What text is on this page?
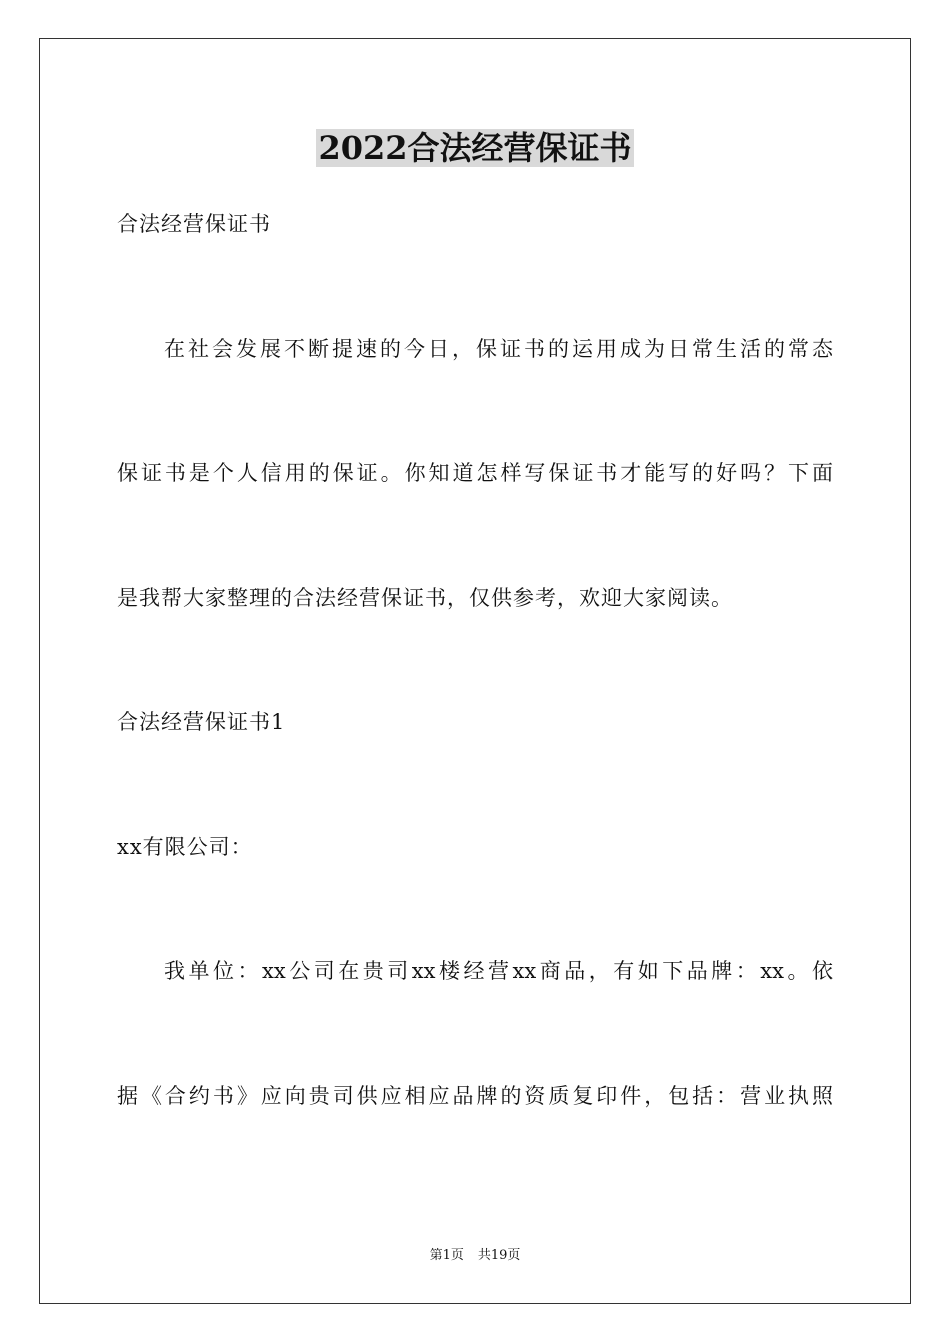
2022合法经营保证书
合法经营保证书
在社会发展不断提速的今日，保证书的运用成为日常生活的常态
保证书是个人信用的保证。你知道怎样写保证书才能写的好吗？下面
是我帮大家整理的合法经营保证书，仅供参考，欢迎大家阅读。
合法经营保证书1
xx有限公司：
我单位：xx公司在贵司xx楼经营xx商品，有如下品牌：xx。依
据《合约书》应向贵司供应相应品牌的资质复印件，包括：营业执照
第1页 共19页
